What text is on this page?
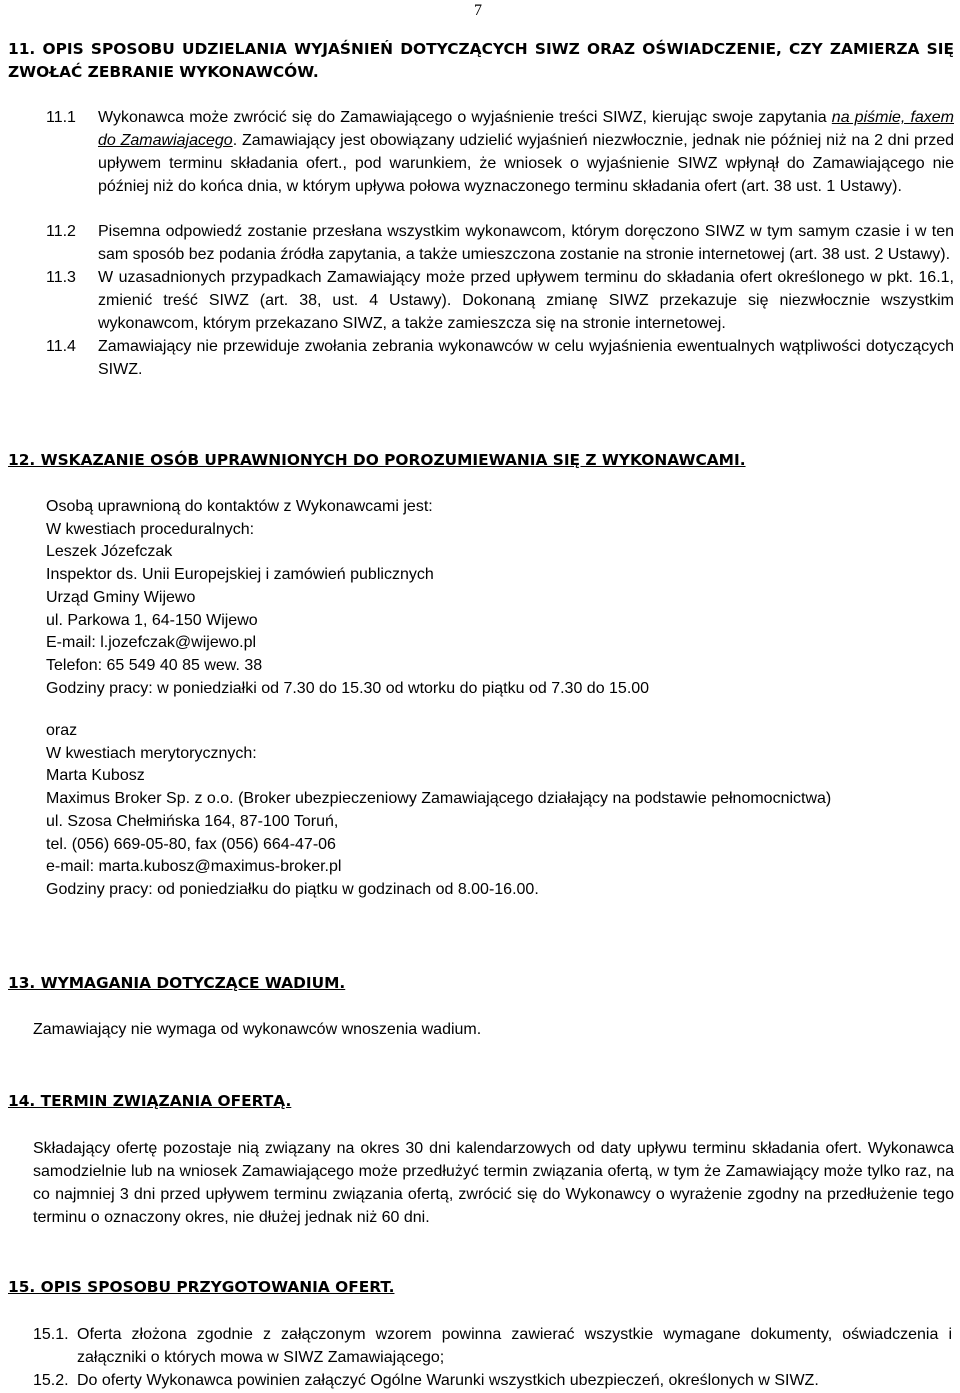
7
11. OPIS SPOSOBU UDZIELANIA WYJAŚNIEŃ DOTYCZĄCYCH SIWZ ORAZ OŚWIADCZENIE, CZY ZAMIERZA SIĘ ZWOŁAĆ ZEBRANIE WYKONAWCÓW.
11.1	Wykonawca może zwrócić się do Zamawiającego o wyjaśnienie treści SIWZ, kierując swoje zapytania na piśmie, faxem do Zamawiajacego. Zamawiający jest obowiązany udzielić wyjaśnień niezwłocznie, jednak nie później niż na 2 dni przed upływem terminu składania ofert., pod warunkiem, że wniosek o wyjaśnienie SIWZ wpłynął do Zamawiającego nie później niż do końca dnia, w którym upływa połowa wyznaczonego terminu składania ofert (art. 38 ust. 1 Ustawy).
11.2	Pisemna odpowiedź zostanie przesłana wszystkim wykonawcom, którym doręczono SIWZ w tym samym czasie i w ten sam sposób bez podania źródła zapytania, a także umieszczona zostanie na stronie internetowej (art. 38 ust. 2 Ustawy).
11.3	W uzasadnionych przypadkach Zamawiający może przed upływem terminu do składania ofert określonego w pkt. 16.1, zmienić treść SIWZ (art. 38, ust. 4 Ustawy). Dokonaną zmianę SIWZ przekazuje się niezwłocznie wszystkim wykonawcom, którym przekazano SIWZ, a także zamieszcza się na stronie internetowej.
11.4	Zamawiający nie przewiduje zwołania zebrania wykonawców w celu wyjaśnienia ewentualnych wątpliwości dotyczących SIWZ.
12. WSKAZANIE OSÓB UPRAWNIONYCH DO POROZUMIEWANIA SIĘ Z WYKONAWCAMI.
Osobą uprawnioną do kontaktów z Wykonawcami jest:
W kwestiach proceduralnych:
Leszek Józefczak
Inspektor ds. Unii Europejskiej i zamówień publicznych
Urząd Gminy Wijewo
ul. Parkowa 1, 64-150 Wijewo
E-mail: l.jozefczak@wijewo.pl
Telefon: 65 549 40 85 wew. 38
Godziny pracy: w poniedziałki od 7.30 do 15.30 od wtorku do piątku od 7.30 do 15.00
oraz
W kwestiach merytorycznych:
Marta Kubosz
Maximus Broker Sp. z o.o. (Broker ubezpieczeniowy Zamawiającego działający na podstawie pełnomocnictwa)
ul. Szosa Chełmińska 164, 87-100 Toruń,
tel. (056) 669-05-80, fax (056) 664-47-06
e-mail: marta.kubosz@maximus-broker.pl
Godziny pracy: od poniedziałku do piątku w godzinach od 8.00-16.00.
13. WYMAGANIA DOTYCZĄCE WADIUM.
Zamawiający nie wymaga od wykonawców wnoszenia wadium.
14. TERMIN ZWIĄZANIA OFERTĄ.
Składający ofertę pozostaje nią związany na okres 30 dni kalendarzowych od daty upływu terminu składania ofert. Wykonawca samodzielnie lub na wniosek Zamawiającego może przedłużyć termin związania ofertą, w tym że Zamawiający może tylko raz, na co najmniej 3 dni przed upływem terminu związania ofertą, zwrócić się do Wykonawcy o wyrażenie zgodny na przedłużenie tego terminu o oznaczony okres, nie dłużej jednak niż 60 dni.
15. OPIS SPOSOBU PRZYGOTOWANIA OFERT.
15.1. Oferta złożona zgodnie z załączonym wzorem powinna zawierać wszystkie wymagane dokumenty, oświadczenia i załączniki o których mowa w SIWZ Zamawiającego;
15.2. Do oferty Wykonawca powinien załączyć Ogólne Warunki wszystkich ubezpieczeń, określonych w SIWZ.
